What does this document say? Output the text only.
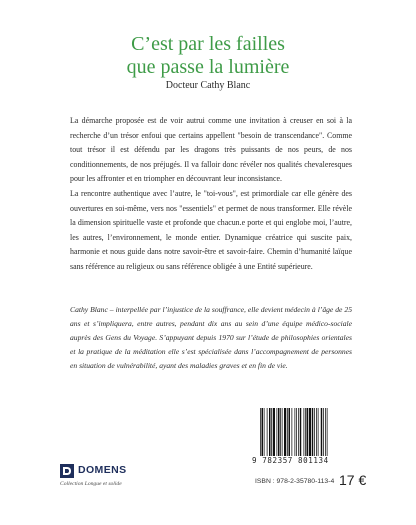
C’est par les failles
que passe la lumière
Docteur Cathy Blanc

La démarche proposée est de voir autrui comme une invitation à creuser en soi à la recherche d’un trésor enfoui que certains appellent "besoin de transcendance". Comme tout trésor il est défendu par les dragons très puissants de nos peurs, de nos conditionnements, de nos préjugés. Il va falloir donc révéler nos qualités chevaleresques pour les affronter et en triompher en découvrant leur inconsistance.

La rencontre authentique avec l’autre, le "toi-vous", est primordiale car elle génère des ouvertures en soi-même, vers nos "essentiels" et permet de nous transformer. Elle révèle la dimension spirituelle vaste et profonde que chacun.e porte et qui englobe moi, l’autre, les autres, l’environnement, le monde entier. Dynamique créatrice qui suscite paix, harmonie et nous guide dans notre savoir-être et savoir-faire. Chemin d’humanité laïque sans référence au religieux ou sans référence obligée à une Entité supérieure.

Cathy Blanc – interpellée par l’injustice de la souffrance, elle devient médecin à l’âge de 25 ans et s’impliquera, entre autres, pendant dix ans au sein d’une équipe médico-sociale auprès des Gens du Voyage. S’appuyant depuis 1970 sur l’étude de philosophies orientales et la pratique de la méditation elle s’est spécialisée dans l’accompagnement de personnes en situation de vulnérabilité, ayant des maladies graves et en fin de vie.
9 782357 801134
DOMENS
Collection Longue et solide	ISBN : 978-2-35780-113-4 17 €
